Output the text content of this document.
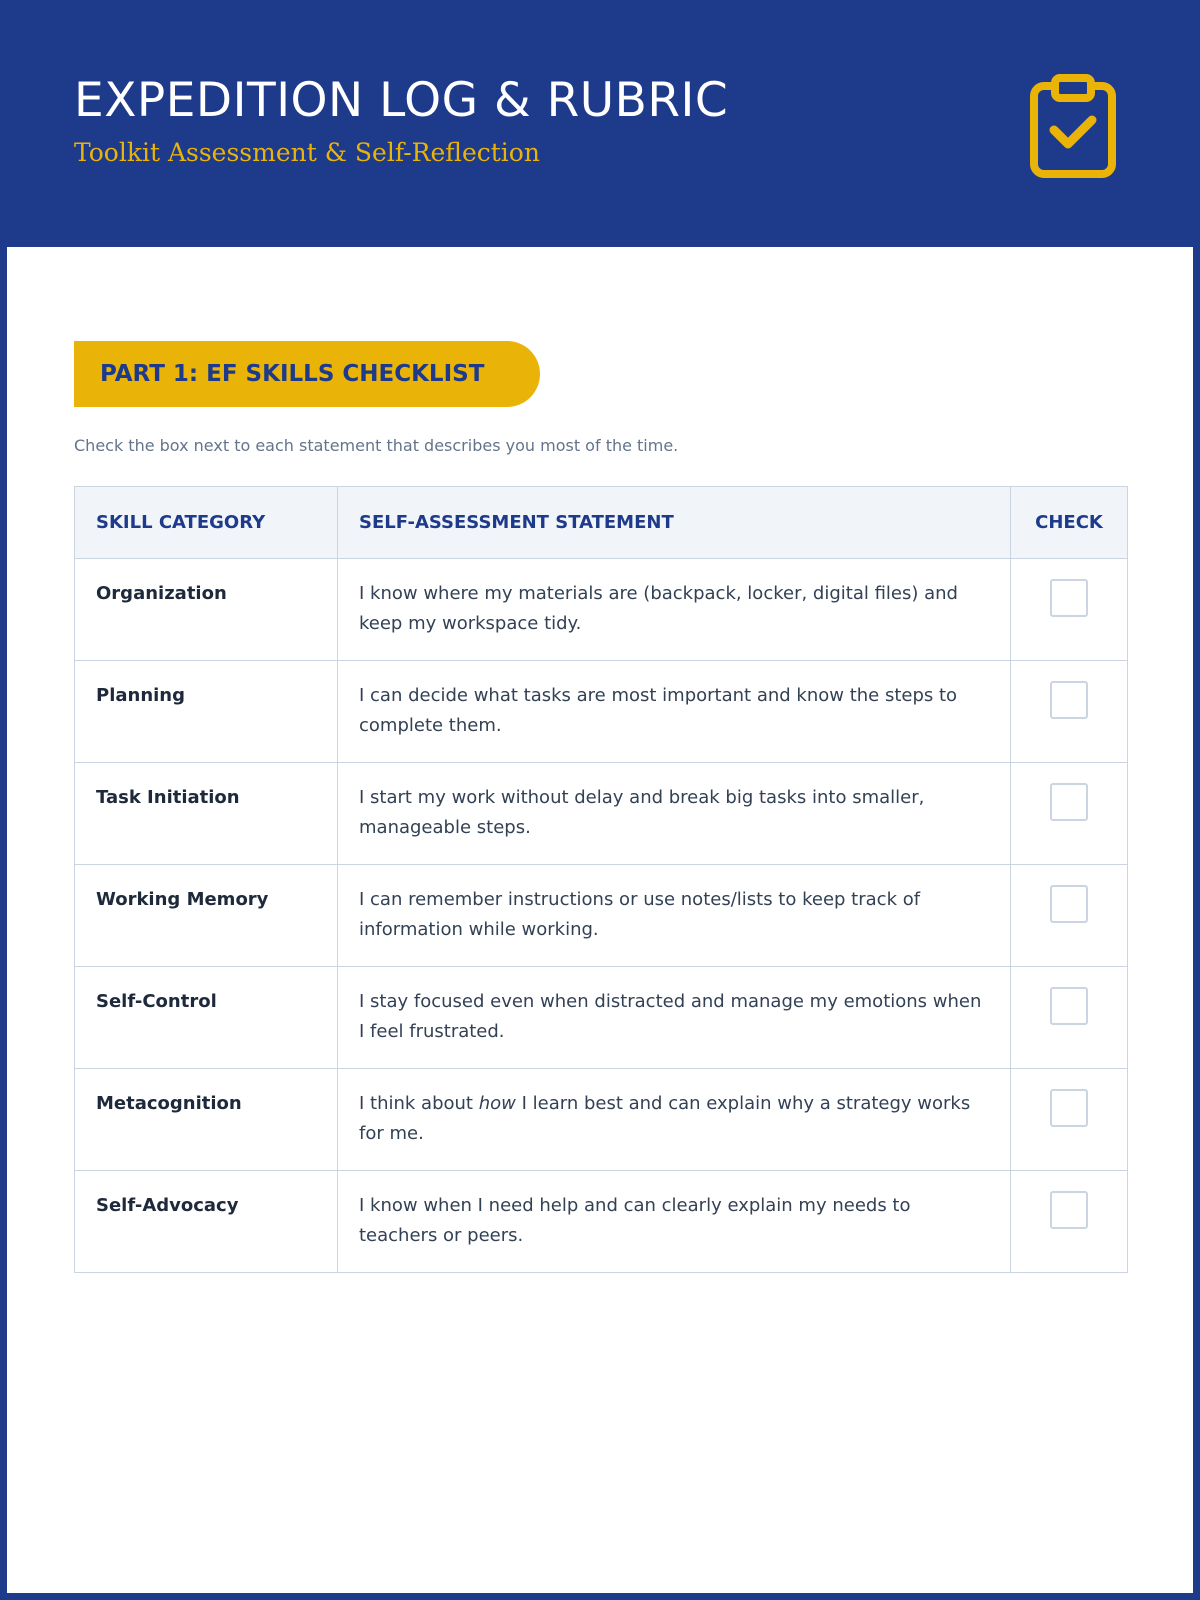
EXPEDITION LOG & RUBRIC
Toolkit Assessment & Self-Reflection
PART 1: EF SKILLS CHECKLIST
Check the box next to each statement that describes you most of the time.
SKILL CATEGORY	SELF-ASSESSMENT STATEMENT	CHECK
Organization	I know where my materials are (backpack, locker, digital files) and keep my workspace tidy.	
Planning	I can decide what tasks are most important and know the steps to complete them.	
Task Initiation	I start my work without delay and break big tasks into smaller, manageable steps.	
Working Memory	I can remember instructions or use notes/lists to keep track of information while working.	
Self-Control	I stay focused even when distracted and manage my emotions when I feel frustrated.	
Metacognition	I think about how I learn best and can explain why a strategy works for me.	
Self-Advocacy	I know when I need help and can clearly explain my needs to teachers or peers.	
